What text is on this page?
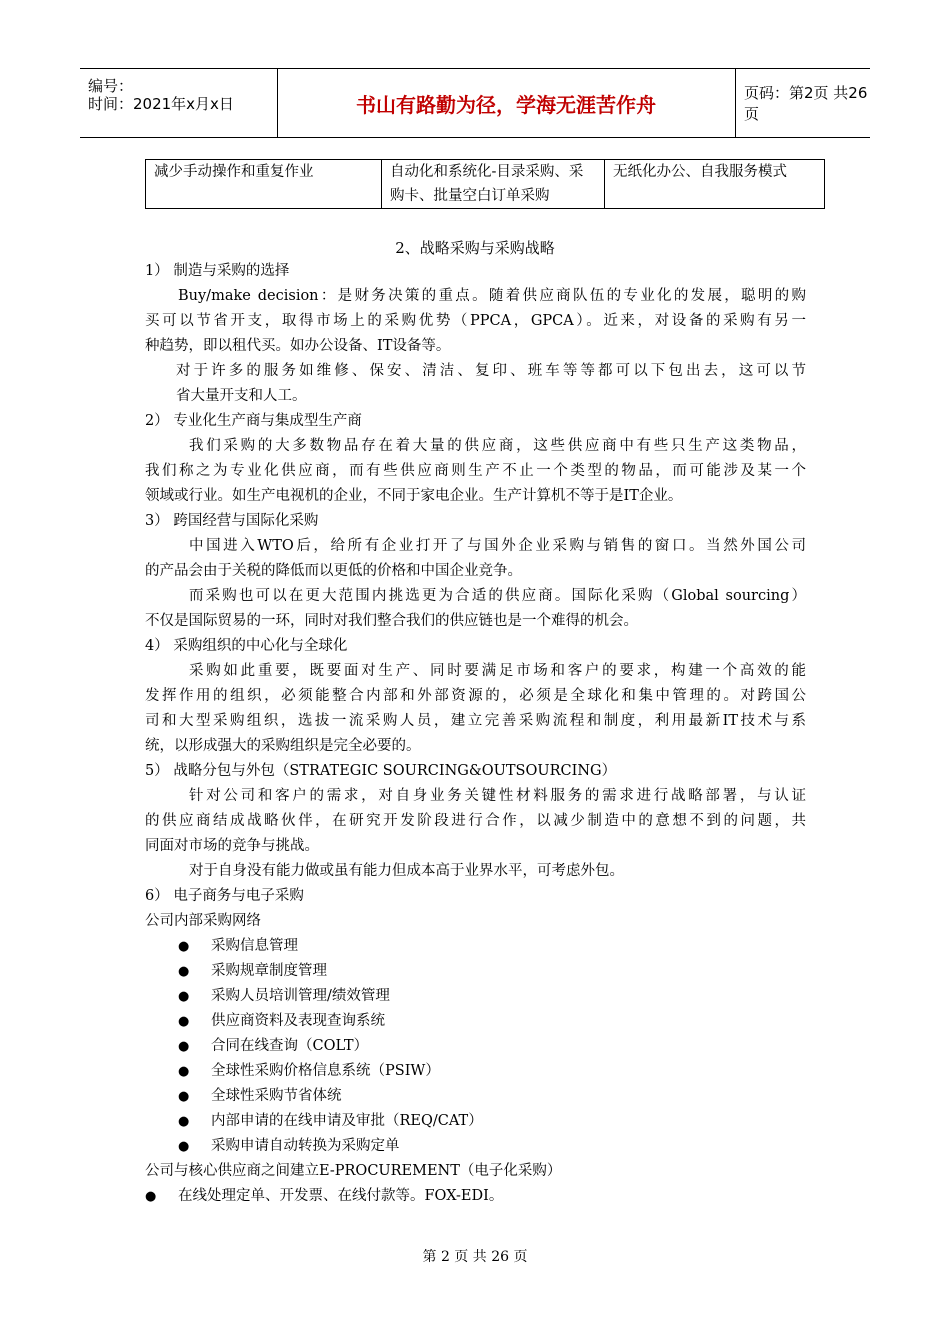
编号：
时间：2021年x月x日	书山有路勤为径，学海无涯苦作舟	页码：第2页 共26页
减少手动操作和重复作业	自动化和系统化-目录采购、采购卡、批量空白订单采购	无纸化办公、自我服务模式
2、战略采购与采购战略
1） 制造与采购的选择
Buy/make decision：是财务决策的重点。随着供应商队伍的专业化的发展，聪明的购
买可以节省开支，取得市场上的采购优势（PPCA，GPCA）。近来，对设备的采购有另一
种趋势，即以租代买。如办公设备、IT设备等。
对于许多的服务如维修、保安、清洁、复印、班车等等都可以下包出去，这可以节
省大量开支和人工。
2） 专业化生产商与集成型生产商
我们采购的大多数物品存在着大量的供应商，这些供应商中有些只生产这类物品，
我们称之为专业化供应商，而有些供应商则生产不止一个类型的物品，而可能涉及某一个
领域或行业。如生产电视机的企业，不同于家电企业。生产计算机不等于是IT企业。
3） 跨国经营与国际化采购
中国进入WTO后，给所有企业打开了与国外企业采购与销售的窗口。当然外国公司
的产品会由于关税的降低而以更低的价格和中国企业竞争。
而采购也可以在更大范围内挑选更为合适的供应商。国际化采购（Global sourcing）
不仅是国际贸易的一环，同时对我们整合我们的供应链也是一个难得的机会。
4） 采购组织的中心化与全球化
采购如此重要，既要面对生产、同时要满足市场和客户的要求，构建一个高效的能
发挥作用的组织，必须能整合内部和外部资源的，必须是全球化和集中管理的。对跨国公
司和大型采购组织，选拔一流采购人员，建立完善采购流程和制度，利用最新IT技术与系
统，以形成强大的采购组织是完全必要的。
5） 战略分包与外包（STRATEGIC SOURCING&OUTSOURCING）
针对公司和客户的需求，对自身业务关键性材料服务的需求进行战略部署，与认证
的供应商结成战略伙伴，在研究开发阶段进行合作，以减少制造中的意想不到的问题，共
同面对市场的竞争与挑战。
对于自身没有能力做或虽有能力但成本高于业界水平，可考虑外包。
6） 电子商务与电子采购
公司内部采购网络
● 采购信息管理
● 采购规章制度管理
● 采购人员培训管理/绩效管理
● 供应商资料及表现查询系统
● 合同在线查询（COLT）
● 全球性采购价格信息系统（PSIW）
● 全球性采购节省体统
● 内部申请的在线申请及审批（REQ/CAT）
● 采购申请自动转换为采购定单
公司与核心供应商之间建立E-PROCUREMENT（电子化采购）
● 在线处理定单、开发票、在线付款等。FOX-EDI。
第 2 页 共 26 页
